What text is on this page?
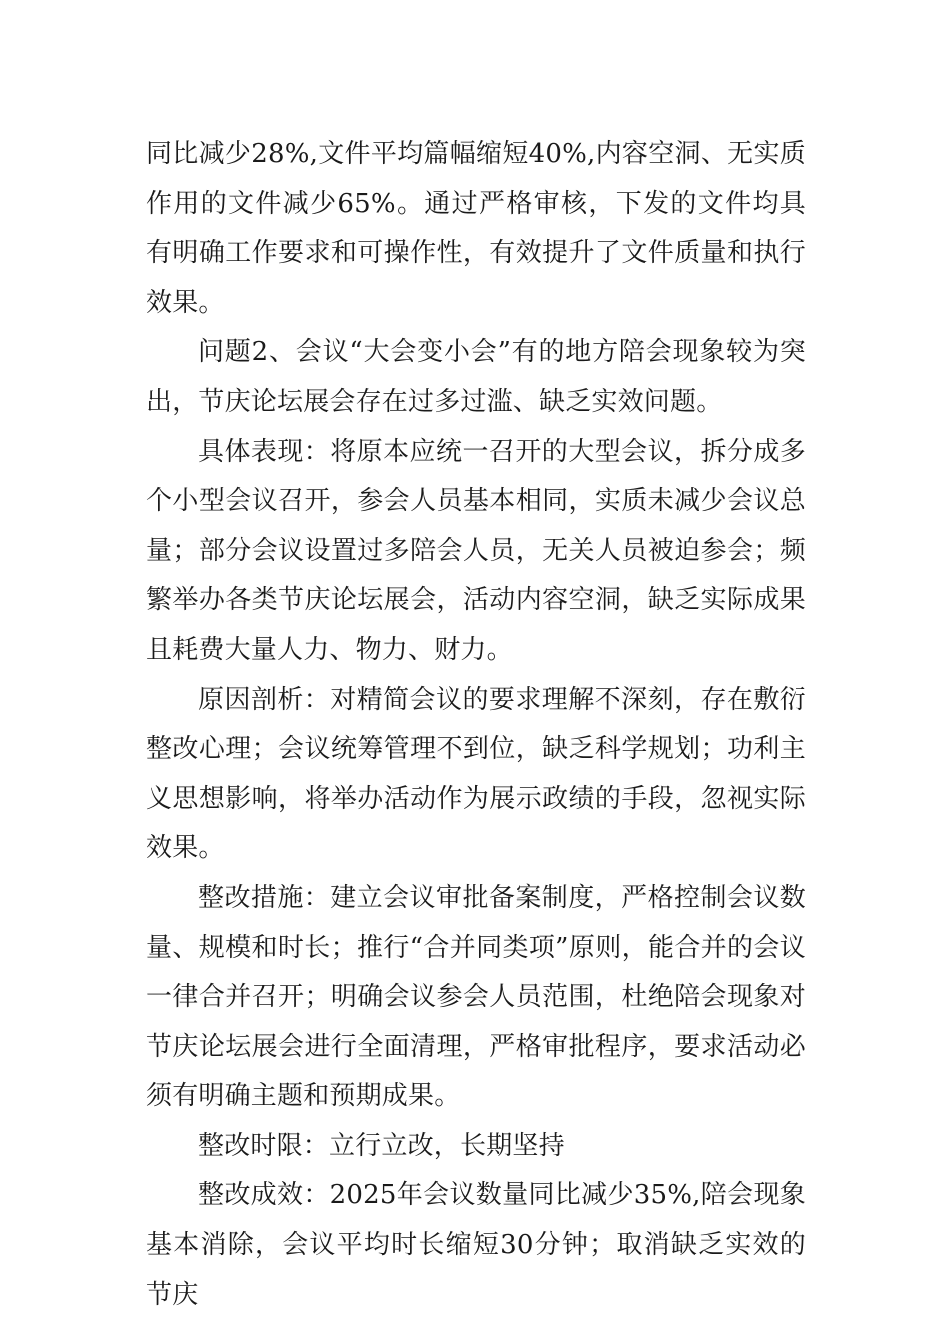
同比减少28%,文件平均篇幅缩短40%,内容空洞、无实质作用的文件减少65%。通过严格审核，下发的文件均具有明确工作要求和可操作性，有效提升了文件质量和执行效果。

问题2、会议“大会变小会”有的地方陪会现象较为突出，节庆论坛展会存在过多过滥、缺乏实效问题。

具体表现：将原本应统一召开的大型会议，拆分成多个小型会议召开，参会人员基本相同，实质未减少会议总量；部分会议设置过多陪会人员，无关人员被迫参会；频繁举办各类节庆论坛展会，活动内容空洞，缺乏实际成果且耗费大量人力、物力、财力。

原因剖析：对精简会议的要求理解不深刻，存在敷衍整改心理；会议统筹管理不到位，缺乏科学规划；功利主义思想影响，将举办活动作为展示政绩的手段，忽视实际效果。

整改措施：建立会议审批备案制度，严格控制会议数量、规模和时长；推行“合并同类项”原则，能合并的会议一律合并召开；明确会议参会人员范围，杜绝陪会现象对节庆论坛展会进行全面清理，严格审批程序，要求活动必须有明确主题和预期成果。

整改时限：立行立改，长期坚持

整改成效：2025年会议数量同比减少35%,陪会现象基本消除，会议平均时长缩短30分钟；取消缺乏实效的节庆
